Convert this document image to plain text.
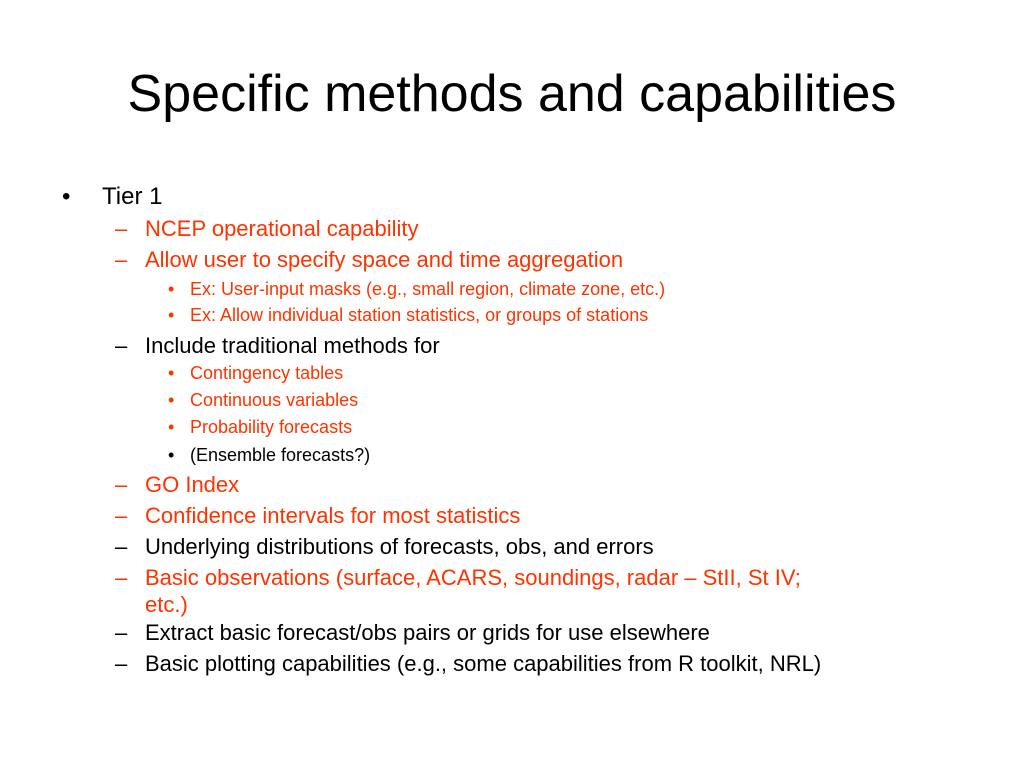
Specific methods and capabilities
•	Tier 1
– NCEP operational capability
– Allow user to specify space and time aggregation
• Ex: User-input masks (e.g., small region, climate zone, etc.)
• Ex: Allow individual station statistics, or groups of stations
– Include traditional methods for
• Contingency tables
• Continuous variables
• Probability forecasts
• (Ensemble forecasts?)
– GO Index
– Confidence intervals for most statistics
– Underlying distributions of forecasts, obs, and errors
– Basic observations (surface, ACARS, soundings, radar – StII, St IV;
etc.)
– Extract basic forecast/obs pairs or grids for use elsewhere
– Basic plotting capabilities (e.g., some capabilities from R toolkit, NRL)
